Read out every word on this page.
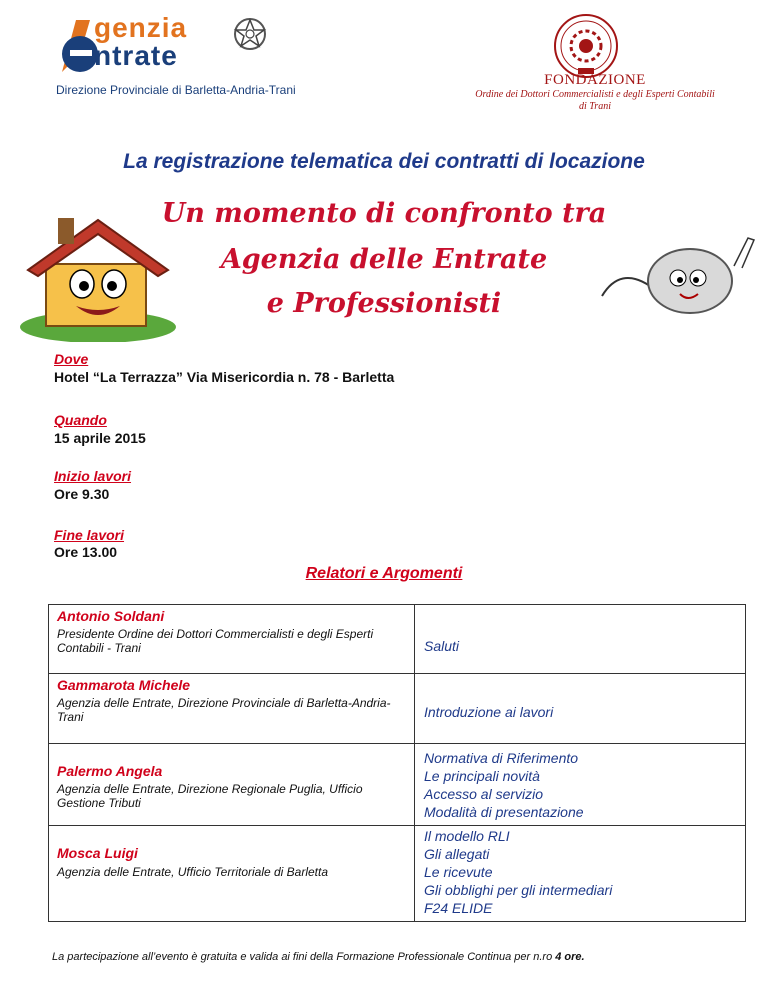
genzia
ntrate
Direzione Provinciale di Barletta-Andria-Trani
FONDAZIONE
Ordine dei Dottori Commercialisti e degli Esperti Contabili
di Trani
La registrazione telematica dei contratti di locazione
Un momento di confronto tra
Agenzia delle Entrate
e Professionisti
Dove
Hotel “La Terrazza” Via Misericordia n. 78 - Barletta
Quando
15 aprile 2015
Inizio lavori
Ore 9.30
Fine lavori
Ore 13.00
Relatori e Argomenti
Antonio Soldani
Presidente Ordine dei Dottori Commercialisti e degli Esperti Contabili - Trani	Saluti
Gammarota Michele
Agenzia delle Entrate, Direzione Provinciale di Barletta-Andria-Trani	Introduzione ai lavori
Palermo Angela
Agenzia delle Entrate, Direzione Regionale Puglia, Ufficio Gestione Tributi
Normativa di Riferimento
Le principali novità
Accesso al servizio
Modalità di presentazione
Mosca Luigi
Agenzia delle Entrate, Ufficio Territoriale di Barletta
Il modello RLI
Gli allegati
Le ricevute
Gli obblighi per gli intermediari
F24 ELIDE
La partecipazione all’evento è gratuita e valida ai fini della Formazione Professionale Continua per n.ro 4 ore.
